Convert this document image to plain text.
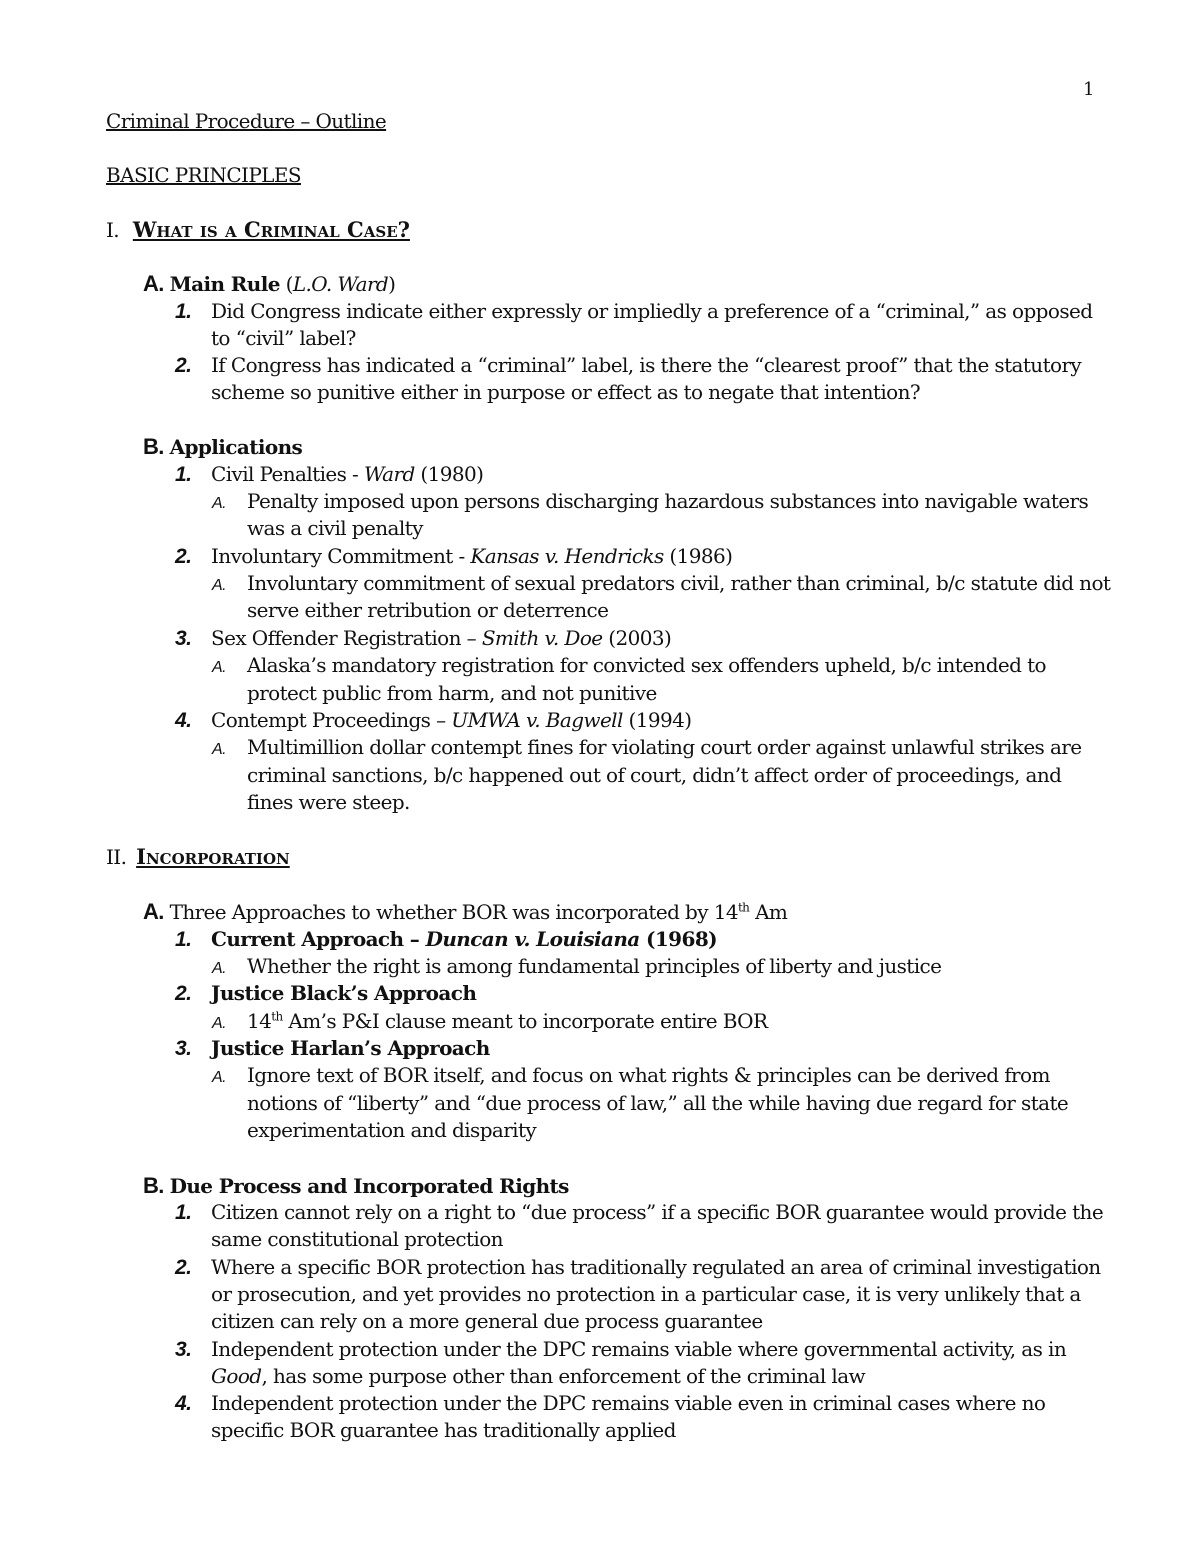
1
Criminal Procedure – Outline
BASIC PRINCIPLES
I. What is a Criminal Case?
A. Main Rule (L.O. Ward)
1. Did Congress indicate either expressly or impliedly a preference of a “criminal,” as opposed
to “civil” label?
2. If Congress has indicated a “criminal” label, is there the “clearest proof” that the statutory
scheme so punitive either in purpose or effect as to negate that intention?
B. Applications
1. Civil Penalties - Ward (1980)
A. Penalty imposed upon persons discharging hazardous substances into navigable waters
was a civil penalty
2. Involuntary Commitment - Kansas v. Hendricks (1986)
A. Involuntary commitment of sexual predators civil, rather than criminal, b/c statute did not
serve either retribution or deterrence
3. Sex Offender Registration – Smith v. Doe (2003)
A. Alaska’s mandatory registration for convicted sex offenders upheld, b/c intended to
protect public from harm, and not punitive
4. Contempt Proceedings – UMWA v. Bagwell (1994)
A. Multimillion dollar contempt fines for violating court order against unlawful strikes are
criminal sanctions, b/c happened out of court, didn’t affect order of proceedings, and
fines were steep.
II. Incorporation
A. Three Approaches to whether BOR was incorporated by 14th Am
1. Current Approach – Duncan v. Louisiana (1968)
A. Whether the right is among fundamental principles of liberty and justice
2. Justice Black’s Approach
A. 14th Am’s P&I clause meant to incorporate entire BOR
3. Justice Harlan’s Approach
A. Ignore text of BOR itself, and focus on what rights & principles can be derived from
notions of “liberty” and “due process of law,” all the while having due regard for state
experimentation and disparity
B. Due Process and Incorporated Rights
1. Citizen cannot rely on a right to “due process” if a specific BOR guarantee would provide the
same constitutional protection
2. Where a specific BOR protection has traditionally regulated an area of criminal investigation
or prosecution, and yet provides no protection in a particular case, it is very unlikely that a
citizen can rely on a more general due process guarantee
3. Independent protection under the DPC remains viable where governmental activity, as in
Good, has some purpose other than enforcement of the criminal law
4. Independent protection under the DPC remains viable even in criminal cases where no
specific BOR guarantee has traditionally applied
